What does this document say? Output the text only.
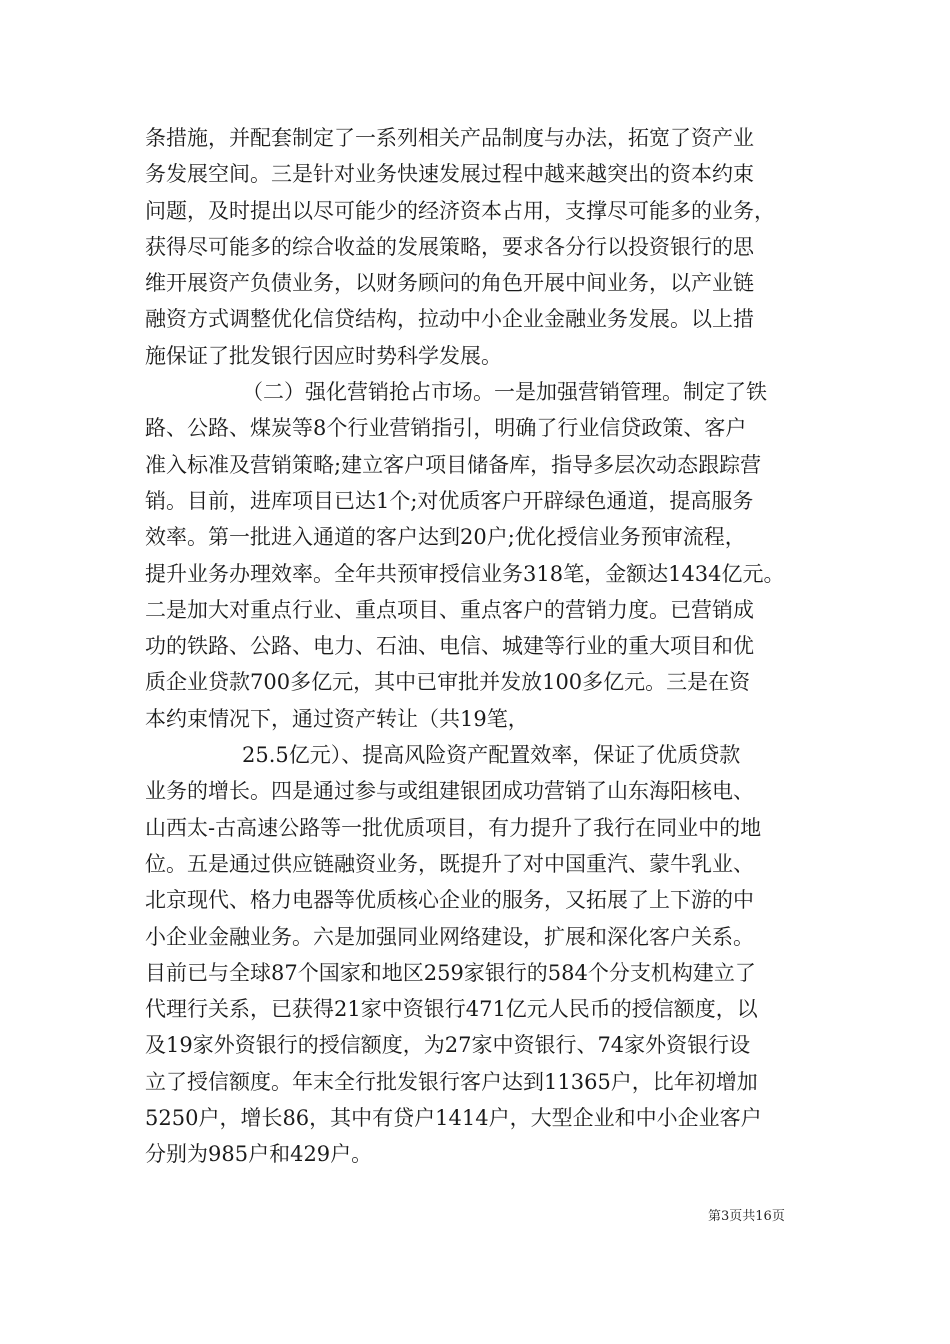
条措施，并配套制定了一系列相关产品制度与办法，拓宽了资产业
务发展空间。三是针对业务快速发展过程中越来越突出的资本约束
问题，及时提出以尽可能少的经济资本占用，支撑尽可能多的业务，
获得尽可能多的综合收益的发展策略，要求各分行以投资银行的思
维开展资产负债业务，以财务顾问的角色开展中间业务，以产业链
融资方式调整优化信贷结构，拉动中小企业金融业务发展。以上措
施保证了批发银行因应时势科学发展。
（二）强化营销抢占市场。一是加强营销管理。制定了铁
路、公路、煤炭等8个行业营销指引，明确了行业信贷政策、客户
准入标准及营销策略;建立客户项目储备库，指导多层次动态跟踪营
销。目前，进库项目已达1个;对优质客户开辟绿色通道，提高服务
效率。第一批进入通道的客户达到20户;优化授信业务预审流程，
提升业务办理效率。全年共预审授信业务318笔，金额达1434亿元。
二是加大对重点行业、重点项目、重点客户的营销力度。已营销成
功的铁路、公路、电力、石油、电信、城建等行业的重大项目和优
质企业贷款700多亿元，其中已审批并发放100多亿元。三是在资
本约束情况下，通过资产转让（共19笔，
25.5亿元）、提高风险资产配置效率，保证了优质贷款
业务的增长。四是通过参与或组建银团成功营销了山东海阳核电、
山西太-古高速公路等一批优质项目，有力提升了我行在同业中的地
位。五是通过供应链融资业务，既提升了对中国重汽、蒙牛乳业、
北京现代、格力电器等优质核心企业的服务，又拓展了上下游的中
小企业金融业务。六是加强同业网络建设，扩展和深化客户关系。
目前已与全球87个国家和地区259家银行的584个分支机构建立了
代理行关系，已获得21家中资银行471亿元人民币的授信额度，以
及19家外资银行的授信额度，为27家中资银行、74家外资银行设
立了授信额度。年末全行批发银行客户达到11365户，比年初增加
5250户，增长86，其中有贷户1414户，大型企业和中小企业客户
分别为985户和429户。
第3页共16页
